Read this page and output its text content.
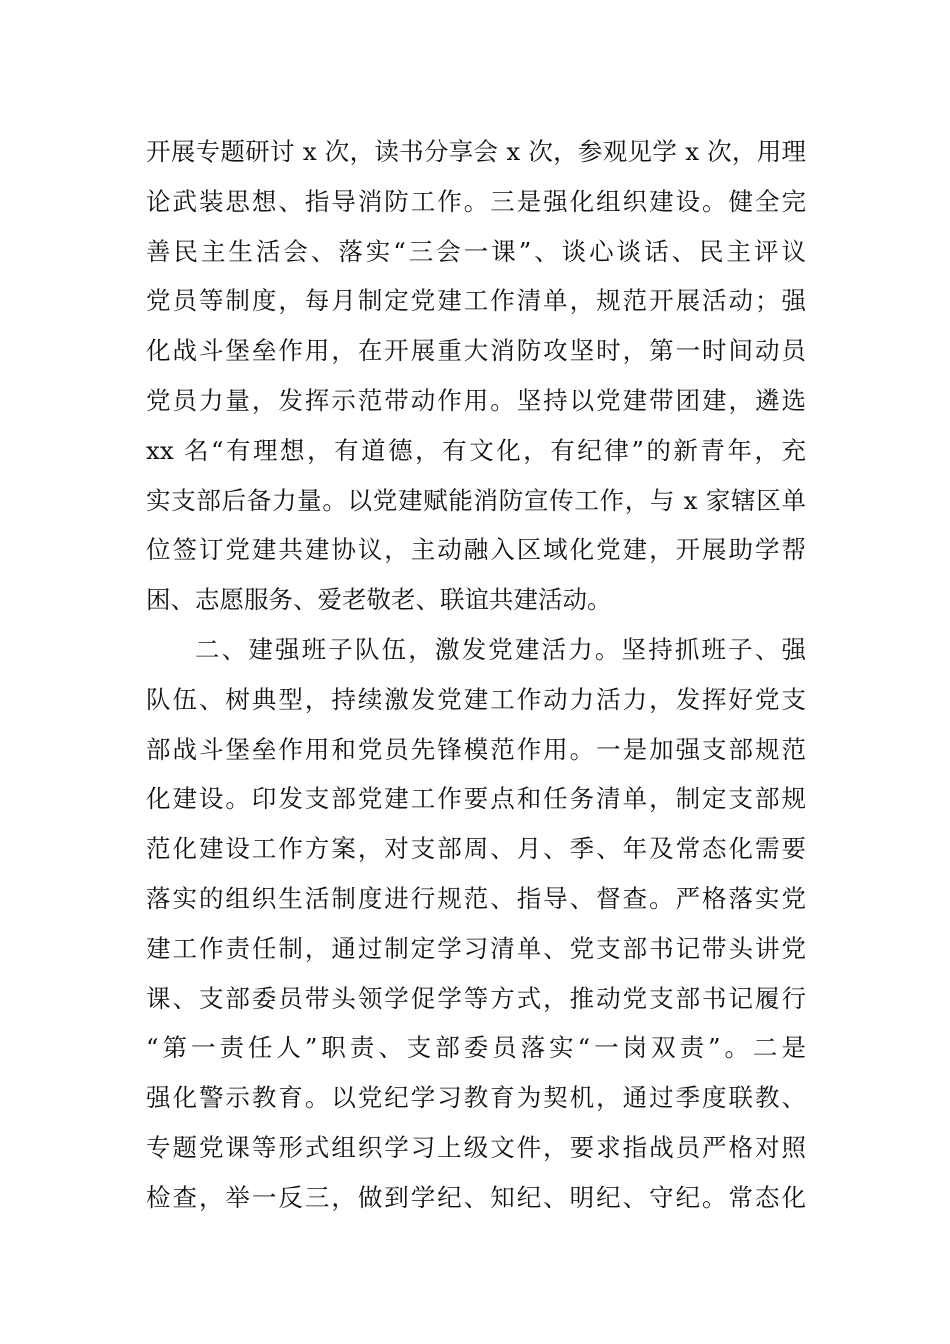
开展专题研讨 x 次，读书分享会 x 次，参观见学 x 次，用理
论武装思想、指导消防工作。三是强化组织建设。健全完
善民主生活会、落实“三会一课”、谈心谈话、民主评议
党员等制度，每月制定党建工作清单，规范开展活动；强
化战斗堡垒作用，在开展重大消防攻坚时，第一时间动员
党员力量，发挥示范带动作用。坚持以党建带团建，遴选
xx 名“有理想，有道德，有文化，有纪律”的新青年，充
实支部后备力量。以党建赋能消防宣传工作，与 x 家辖区单
位签订党建共建协议，主动融入区域化党建，开展助学帮
困、志愿服务、爱老敬老、联谊共建活动。
二、建强班子队伍，激发党建活力。坚持抓班子、强
队伍、树典型，持续激发党建工作动力活力，发挥好党支
部战斗堡垒作用和党员先锋模范作用。一是加强支部规范
化建设。印发支部党建工作要点和任务清单，制定支部规
范化建设工作方案，对支部周、月、季、年及常态化需要
落实的组织生活制度进行规范、指导、督查。严格落实党
建工作责任制，通过制定学习清单、党支部书记带头讲党
课、支部委员带头领学促学等方式，推动党支部书记履行
“第一责任人”职责、支部委员落实“一岗双责”。二是
强化警示教育。以党纪学习教育为契机，通过季度联教、
专题党课等形式组织学习上级文件，要求指战员严格对照
检查，举一反三，做到学纪、知纪、明纪、守纪。常态化
